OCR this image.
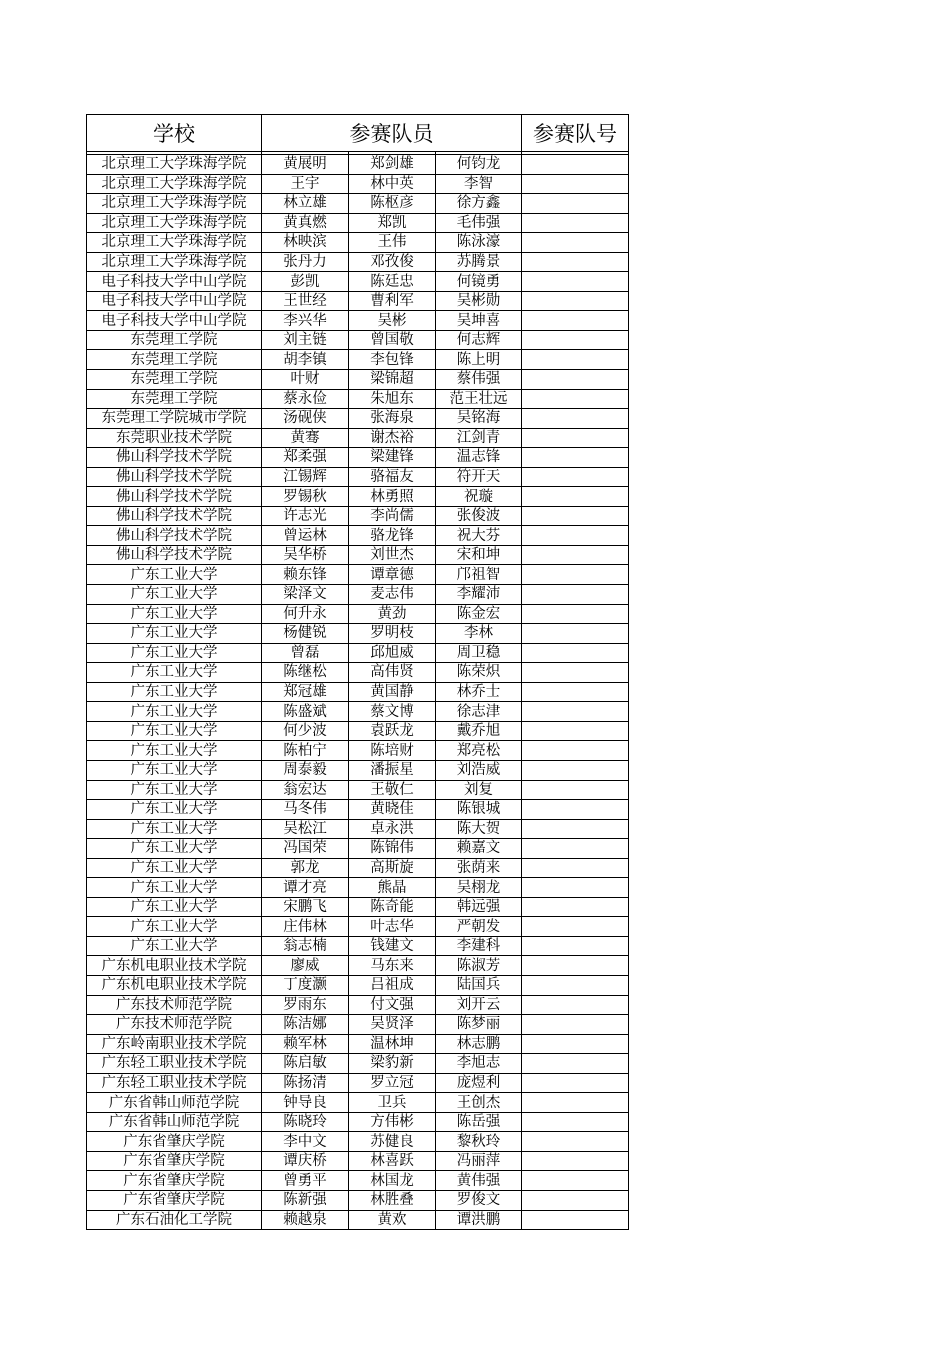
学校	参赛队员			参赛队号

北京理工大学珠海学院	黄展明	郑剑雄	何钧龙	
北京理工大学珠海学院	王宇	林中英	李智	
北京理工大学珠海学院	林立雄	陈枢彦	徐方鑫	
北京理工大学珠海学院	黄真燃	郑凯	毛伟强	
北京理工大学珠海学院	林映滨	王伟	陈泳濠	
北京理工大学珠海学院	张丹力	邓孜俊	苏腾景	
电子科技大学中山学院	彭凯	陈廷忠	何镜勇	
电子科技大学中山学院	王世经	曹利军	吴彬勋	
电子科技大学中山学院	李兴华	吴彬	吴坤喜	
东莞理工学院	刘主链	曾国敬	何志辉	
东莞理工学院	胡李镇	李包锋	陈上明	
东莞理工学院	叶财	梁锦超	蔡伟强	
东莞理工学院	蔡永俭	朱旭东	范王壮远	
东莞理工学院城市学院	汤砚侠	张海泉	吴铭海	
东莞职业技术学院	黄骞	谢杰裕	江剑青	
佛山科学技术学院	郑柔强	梁建锋	温志锋	
佛山科学技术学院	江锡辉	骆福友	符开天	
佛山科学技术学院	罗锡秋	林勇照	祝璇	
佛山科学技术学院	许志光	李尚儒	张俊波	
佛山科学技术学院	曾运林	骆龙锋	祝大芬	
佛山科学技术学院	吴华桥	刘世杰	宋和坤	
广东工业大学	赖东锋	谭章德	邝祖智	
广东工业大学	梁泽文	麦志伟	李耀沛	
广东工业大学	何升永	黄劲	陈金宏	
广东工业大学	杨健锐	罗明枝	李林	
广东工业大学	曾磊	邱旭威	周卫稳	
广东工业大学	陈继松	高伟贤	陈荣炽	
广东工业大学	郑冠雄	黄国静	林乔士	
广东工业大学	陈盛斌	蔡文博	徐志津	
广东工业大学	何少波	袁跃龙	戴乔旭	
广东工业大学	陈柏宁	陈培财	郑亮松	
广东工业大学	周泰毅	潘振星	刘浩威	
广东工业大学	翁宏达	王敬仁	刘复	
广东工业大学	马冬伟	黄晓佳	陈银城	
广东工业大学	吴松江	卓永洪	陈大贺	
广东工业大学	冯国荣	陈锦伟	赖嘉文	
广东工业大学	郭龙	高斯旋	张荫来	
广东工业大学	谭才亮	熊晶	吴栩龙	
广东工业大学	宋鹏飞	陈奇能	韩远强	
广东工业大学	庄伟林	叶志华	严朝发	
广东工业大学	翁志楠	钱建文	李建科	
广东机电职业技术学院	廖威	马东来	陈淑芳	
广东机电职业技术学院	丁度灏	吕祖成	陆国兵	
广东技术师范学院	罗雨东	付文强	刘开云	
广东技术师范学院	陈洁娜	吴贤泽	陈梦丽	
广东岭南职业技术学院	赖军林	温林坤	林志鹏	
广东轻工职业技术学院	陈启敏	梁豹新	李旭志	
广东轻工职业技术学院	陈扬清	罗立冠	庞煜利	
广东省韩山师范学院	钟导良	卫兵	王创杰	
广东省韩山师范学院	陈晓玲	方伟彬	陈岳强	
广东省肇庆学院	李中文	苏健良	黎秋玲	
广东省肇庆学院	谭庆桥	林喜跃	冯丽萍	
广东省肇庆学院	曾勇平	林国龙	黄伟强	
广东省肇庆学院	陈新强	林胜叠	罗俊文	
广东石油化工学院	赖越泉	黄欢	谭洪鹏	
